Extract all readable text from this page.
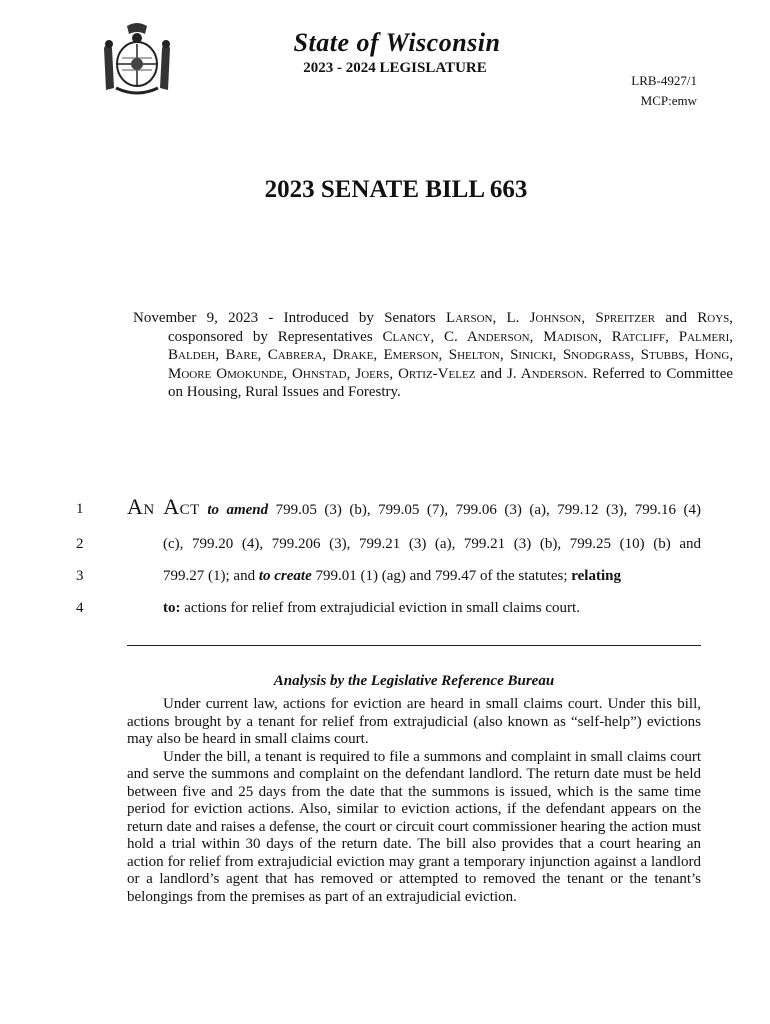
State of Wisconsin
2023 - 2024 LEGISLATURE
LRB-4927/1
MCP:emw
2023 SENATE BILL 663
November 9, 2023 - Introduced by Senators Larson, L. Johnson, Spreitzer and Roys, cosponsored by Representatives Clancy, C. Anderson, Madison, Ratcliff, Palmeri, Baldeh, Bare, Cabrera, Drake, Emerson, Shelton, Sinicki, Snodgrass, Stubbs, Hong, Moore Omokunde, Ohnstad, Joers, Ortiz-Velez and J. Anderson. Referred to Committee on Housing, Rural Issues and Forestry.
1
2
3
4
An Act to amend 799.05 (3) (b), 799.05 (7), 799.06 (3) (a), 799.12 (3), 799.16 (4)
(c), 799.20 (4), 799.206 (3), 799.21 (3) (a), 799.21 (3) (b), 799.25 (10) (b) and
799.27 (1); and to create 799.01 (1) (ag) and 799.47 of the statutes; relating
to: actions for relief from extrajudicial eviction in small claims court.
Analysis by the Legislative Reference Bureau

Under current law, actions for eviction are heard in small claims court. Under this bill, actions brought by a tenant for relief from extrajudicial (also known as “self-help”) evictions may also be heard in small claims court.

Under the bill, a tenant is required to file a summons and complaint in small claims court and serve the summons and complaint on the defendant landlord. The return date must be held between five and 25 days from the date that the summons is issued, which is the same time period for eviction actions. Also, similar to eviction actions, if the defendant appears on the return date and raises a defense, the court or circuit court commissioner hearing the action must hold a trial within 30 days of the return date. The bill also provides that a court hearing an action for relief from extrajudicial eviction may grant a temporary injunction against a landlord or a landlord’s agent that has removed or attempted to removed the tenant or the tenant’s belongings from the premises as part of an extrajudicial eviction.
